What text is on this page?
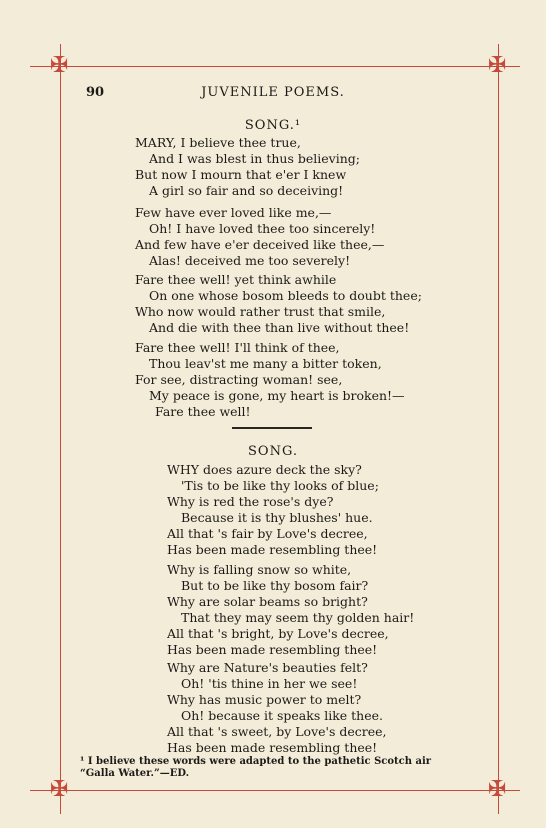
✠	✠
✠	✠
90	JUVENILE POEMS.
SONG.¹
MARY, I believe thee true,
And I was blest in thus believing;
But now I mourn that e'er I knew
A girl so fair and so deceiving!
Few have ever loved like me,—
Oh! I have loved thee too sincerely!
And few have e'er deceived like thee,—
Alas! deceived me too severely!
Fare thee well! yet think awhile
On one whose bosom bleeds to doubt thee;
Who now would rather trust that smile,
And die with thee than live without thee!
Fare thee well! I'll think of thee,
Thou leav'st me many a bitter token,
For see, distracting woman! see,
My peace is gone, my heart is broken!—
Fare thee well!
SONG.
WHY does azure deck the sky?
'Tis to be like thy looks of blue;
Why is red the rose's dye?
Because it is thy blushes' hue.
All that 's fair by Love's decree,
Has been made resembling thee!
Why is falling snow so white,
But to be like thy bosom fair?
Why are solar beams so bright?
That they may seem thy golden hair!
All that 's bright, by Love's decree,
Has been made resembling thee!
Why are Nature's beauties felt?
Oh! 'tis thine in her we see!
Why has music power to melt?
Oh! because it speaks like thee.
All that 's sweet, by Love's decree,
Has been made resembling thee!
¹ I believe these words were adapted to the pathetic Scotch air
“Galla Water.”—ED.
